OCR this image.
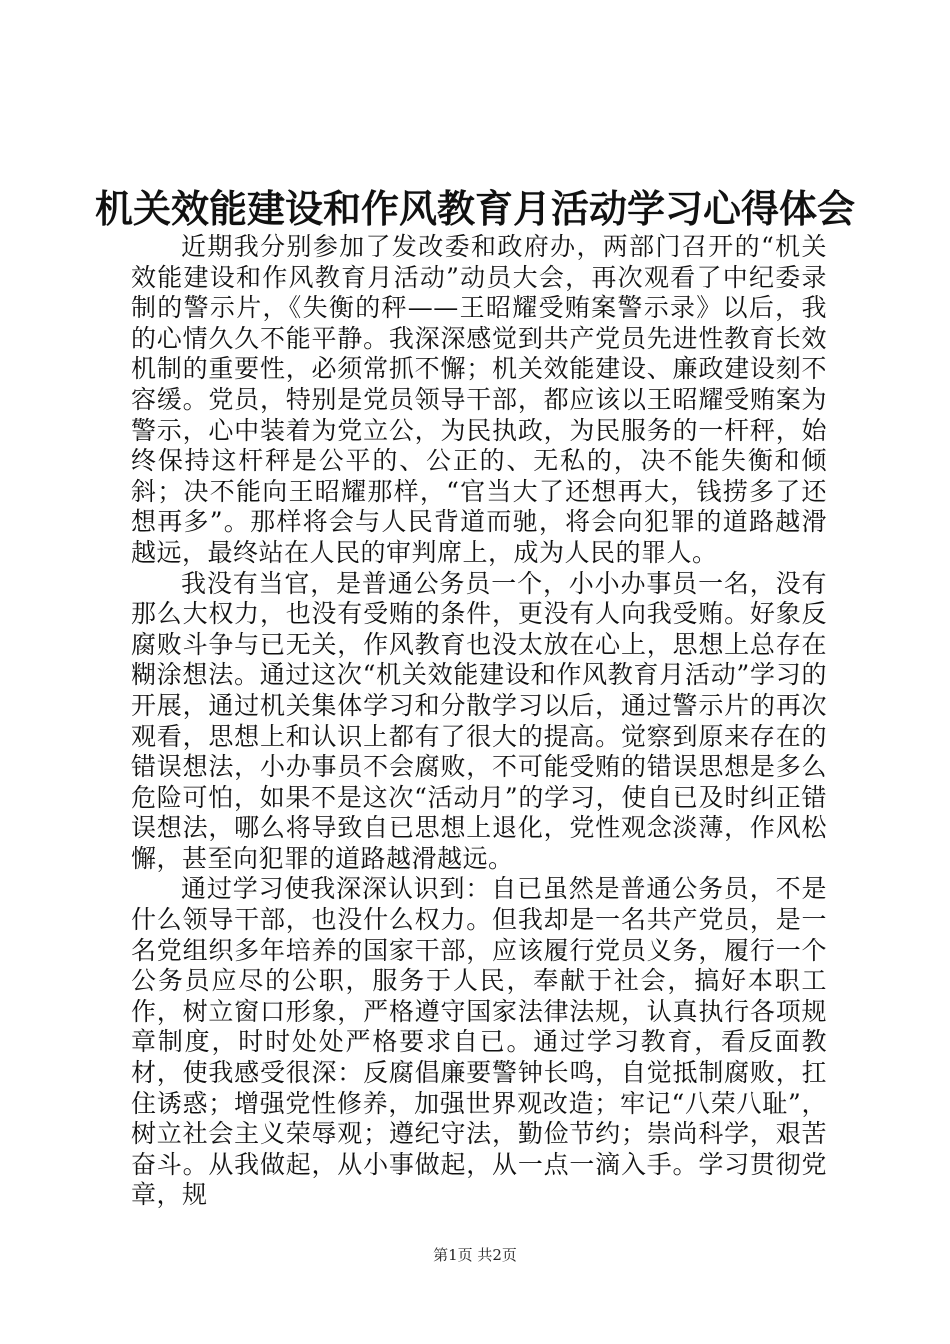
机关效能建设和作风教育月活动学习心得体会

近期我分别参加了发改委和政府办，两部门召开的“机关效能建设和作风教育月活动”动员大会，再次观看了中纪委录制的警示片，《失衡的秤——王昭耀受贿案警示录》以后，我的心情久久不能平静。我深深感觉到共产党员先进性教育长效机制的重要性，必须常抓不懈；机关效能建设、廉政建设刻不容缓。党员，特别是党员领导干部，都应该以王昭耀受贿案为警示，心中装着为党立公，为民执政，为民服务的一杆秤，始终保持这杆秤是公平的、公正的、无私的，决不能失衡和倾斜；决不能向王昭耀那样，“官当大了还想再大，钱捞多了还想再多”。那样将会与人民背道而驰，将会向犯罪的道路越滑越远，最终站在人民的审判席上，成为人民的罪人。

我没有当官，是普通公务员一个，小小办事员一名，没有那么大权力，也没有受贿的条件，更没有人向我受贿。好象反腐败斗争与已无关，作风教育也没太放在心上，思想上总存在糊涂想法。通过这次“机关效能建设和作风教育月活动”学习的开展，通过机关集体学习和分散学习以后，通过警示片的再次观看，思想上和认识上都有了很大的提高。觉察到原来存在的错误想法，小办事员不会腐败，不可能受贿的错误思想是多么危险可怕，如果不是这次“活动月”的学习，使自已及时纠正错误想法，哪么将导致自已思想上退化，党性观念淡薄，作风松懈，甚至向犯罪的道路越滑越远。

通过学习使我深深认识到：自已虽然是普通公务员，不是什么领导干部，也没什么权力。但我却是一名共产党员，是一名党组织多年培养的国家干部，应该履行党员义务，履行一个公务员应尽的公职，服务于人民，奉献于社会，搞好本职工作，树立窗口形象，严格遵守国家法律法规，认真执行各项规章制度，时时处处严格要求自已。通过学习教育，看反面教材，使我感受很深：反腐倡廉要警钟长鸣，自觉抵制腐败，扛住诱惑；增强党性修养，加强世界观改造；牢记“八荣八耻”，树立社会主义荣辱观；遵纪守法，勤俭节约；崇尚科学，艰苦奋斗。从我做起，从小事做起，从一点一滴入手。学习贯彻党章，规

第1页 共2页
